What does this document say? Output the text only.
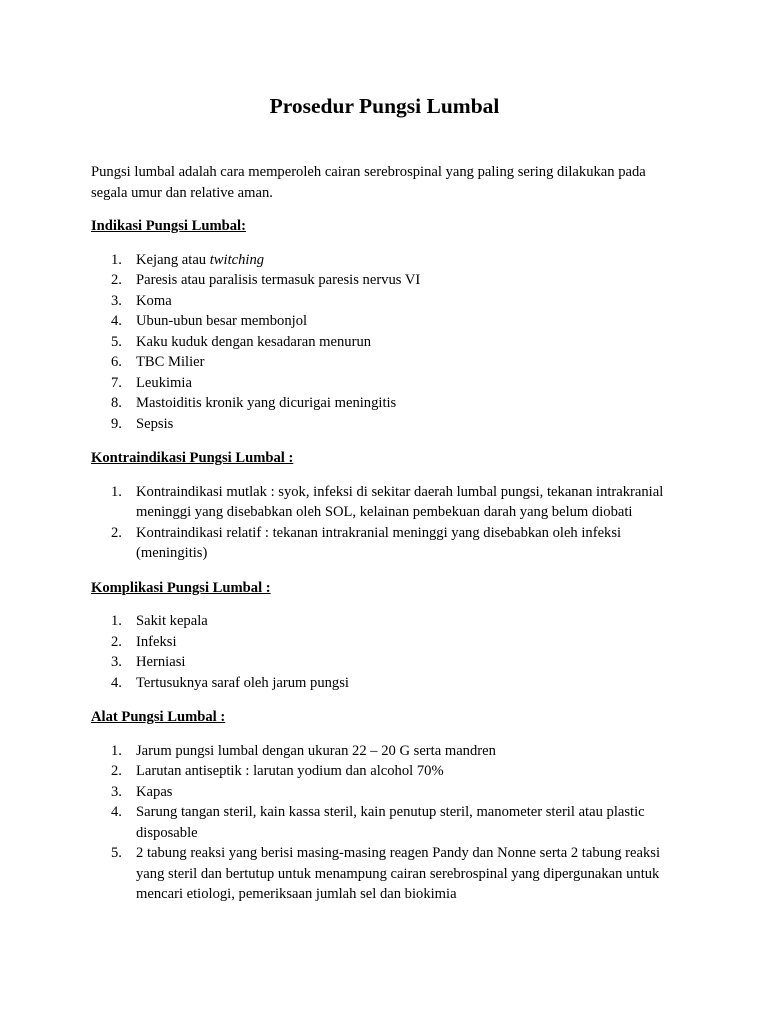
Prosedur Pungsi Lumbal

Pungsi lumbal adalah cara memperoleh cairan serebrospinal yang paling sering dilakukan pada segala umur dan relative aman.

Indikasi Pungsi Lumbal:

1. Kejang atau twitching
2. Paresis atau paralisis termasuk paresis nervus VI
3. Koma
4. Ubun-ubun besar membonjol
5. Kaku kuduk dengan kesadaran menurun
6. TBC Milier
7. Leukimia
8. Mastoiditis kronik yang dicurigai meningitis
9. Sepsis

Kontraindikasi Pungsi Lumbal :

1. Kontraindikasi mutlak : syok, infeksi di sekitar daerah lumbal pungsi, tekanan intrakranial meninggi yang disebabkan oleh SOL, kelainan pembekuan darah yang belum diobati
2. Kontraindikasi relatif : tekanan intrakranial meninggi yang disebabkan oleh infeksi (meningitis)

Komplikasi Pungsi Lumbal :

1. Sakit kepala
2. Infeksi
3. Herniasi
4. Tertusuknya saraf oleh jarum pungsi

Alat Pungsi Lumbal :

1. Jarum pungsi lumbal dengan ukuran 22 – 20 G serta mandren
2. Larutan antiseptik : larutan yodium dan alcohol 70%
3. Kapas
4. Sarung tangan steril, kain kassa steril, kain penutup steril, manometer steril atau plastic disposable
5. 2 tabung reaksi yang berisi masing-masing reagen Pandy dan Nonne serta 2 tabung reaksi yang steril dan bertutup untuk menampung cairan serebrospinal yang dipergunakan untuk mencari etiologi, pemeriksaan jumlah sel dan biokimia
